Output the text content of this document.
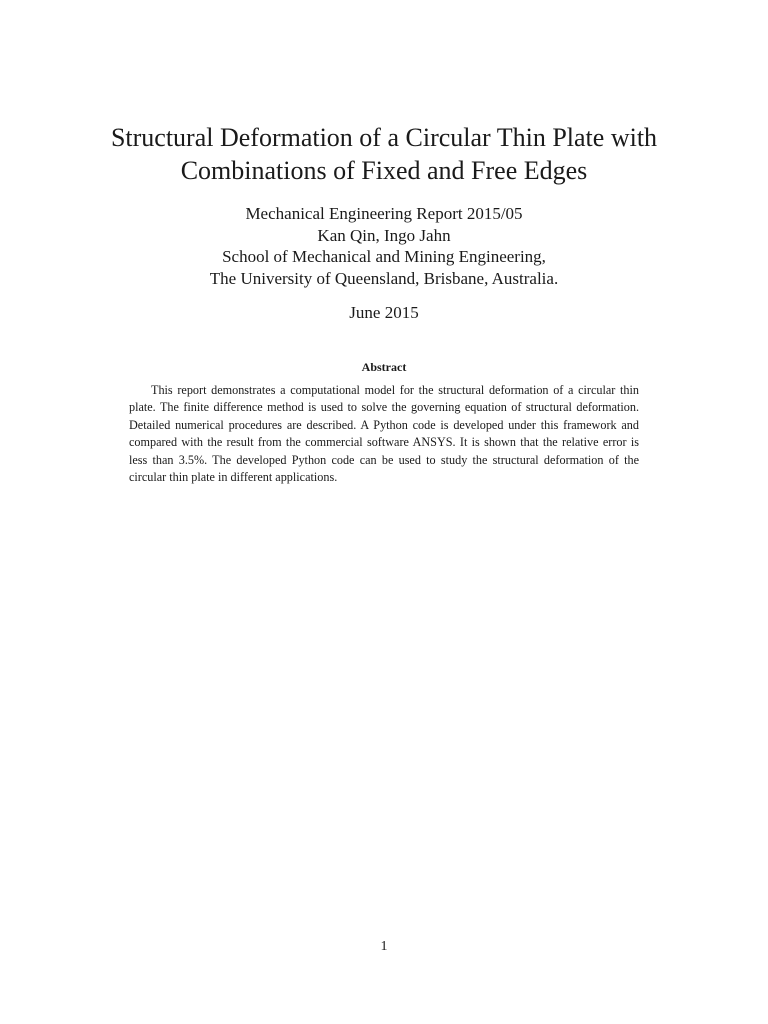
Structural Deformation of a Circular Thin Plate with
Combinations of Fixed and Free Edges

Mechanical Engineering Report 2015/05

Kan Qin, Ingo Jahn

School of Mechanical and Mining Engineering,

The University of Queensland, Brisbane, Australia.

June 2015

Abstract

This report demonstrates a computational model for the structural deformation of a circular thin plate. The finite difference method is used to solve the governing equation of structural deformation. Detailed numerical procedures are described. A Python code is developed under this framework and compared with the result from the commercial software ANSYS. It is shown that the relative error is less than 3.5%. The developed Python code can be used to study the structural deformation of the circular thin plate in different applications.

1
